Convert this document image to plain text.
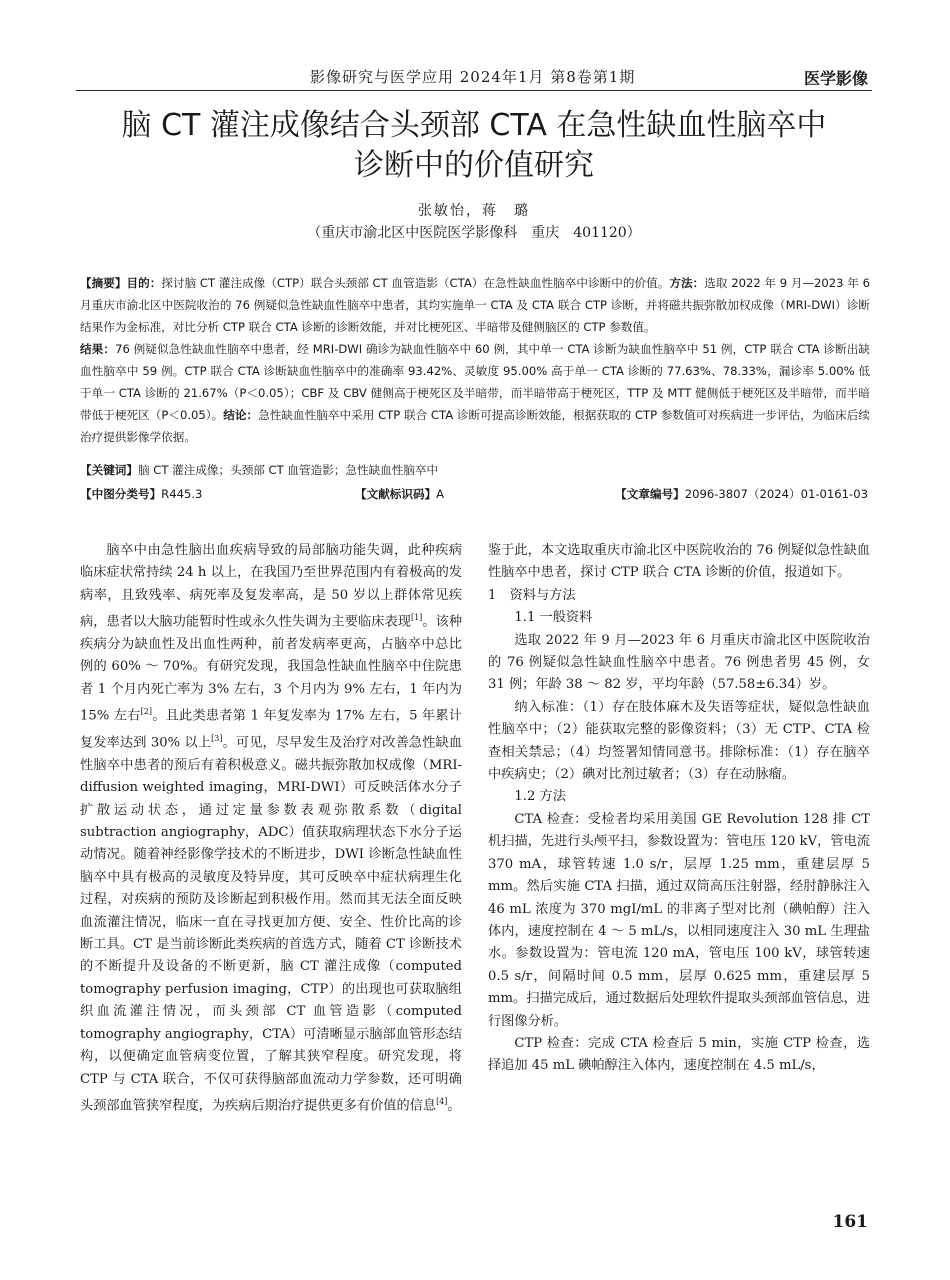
影像研究与医学应用 2024年1月 第8卷第1期	医学影像
脑 CT 灌注成像结合头颈部 CTA 在急性缺血性脑卒中
诊断中的价值研究
张敏怡，蒋　璐
（重庆市渝北区中医院医学影像科　重庆　401120）
【摘要】目的：探讨脑 CT 灌注成像（CTP）联合头颈部 CT 血管造影（CTA）在急性缺血性脑卒中诊断中的价值。方法：选取 2022 年 9 月—2023 年 6 月重庆市渝北区中医院收治的 76 例疑似急性缺血性脑卒中患者，其均实施单一 CTA 及 CTA 联合 CTP 诊断，并将磁共振弥散加权成像（MRI-DWI）诊断结果作为金标准，对比分析 CTP 联合 CTA 诊断的诊断效能，并对比梗死区、半暗带及健侧脑区的 CTP 参数值。
结果：76 例疑似急性缺血性脑卒中患者，经 MRI-DWI 确诊为缺血性脑卒中 60 例，其中单一 CTA 诊断为缺血性脑卒中 51 例，CTP 联合 CTA 诊断出缺血性脑卒中 59 例。CTP 联合 CTA 诊断缺血性脑卒中的准确率 93.42%、灵敏度 95.00% 高于单一 CTA 诊断的 77.63%、78.33%，漏诊率 5.00% 低于单一 CTA 诊断的 21.67%（P＜0.05）；CBF 及 CBV 健侧高于梗死区及半暗带，而半暗带高于梗死区，TTP 及 MTT 健侧低于梗死区及半暗带，而半暗带低于梗死区（P＜0.05）。结论：急性缺血性脑卒中采用 CTP 联合 CTA 诊断可提高诊断效能，根据获取的 CTP 参数值可对疾病进一步评估，为临床后续治疗提供影像学依据。
【关键词】脑 CT 灌注成像；头颈部 CT 血管造影；急性缺血性脑卒中
【中图分类号】R445.3	【文献标识码】A	【文章编号】2096-3807（2024）01-0161-03

脑卒中由急性脑出血疾病导致的局部脑功能失调，此种疾病临床症状常持续 24 h 以上，在我国乃至世界范围内有着极高的发病率，且致残率、病死率及复发率高，是 50 岁以上群体常见疾病，患者以大脑功能暂时性或永久性失调为主要临床表现[1]。该种疾病分为缺血性及出血性两种，前者发病率更高，占脑卒中总比例的 60% ～ 70%。有研究发现，我国急性缺血性脑卒中住院患者 1 个月内死亡率为 3% 左右，3 个月内为 9% 左右，1 年内为 15% 左右[2]。且此类患者第 1 年复发率为 17% 左右，5 年累计复发率达到 30% 以上[3]。可见，尽早发生及治疗对改善急性缺血性脑卒中患者的预后有着积极意义。磁共振弥散加权成像（MRI-diffusion weighted imaging，MRI-DWI）可反映活体水分子扩散运动状态，通过定量参数表观弥散系数（digital subtraction angiography，ADC）值获取病理状态下水分子运动情况。随着神经影像学技术的不断进步，DWI 诊断急性缺血性脑卒中具有极高的灵敏度及特异度，其可反映卒中症状病理生化过程，对疾病的预防及诊断起到积极作用。然而其无法全面反映血流灌注情况，临床一直在寻找更加方便、安全、性价比高的诊断工具。CT 是当前诊断此类疾病的首选方式，随着 CT 诊断技术的不断提升及设备的不断更新，脑 CT 灌注成像（computed tomography perfusion imaging，CTP）的出现也可获取脑组织血流灌注情况，而头颈部 CT 血管造影（computed tomography angiography，CTA）可清晰显示脑部血管形态结构，以便确定血管病变位置，了解其狭窄程度。研究发现，将 CTP 与 CTA 联合，不仅可获得脑部血流动力学参数，还可明确头颈部血管狭窄程度，为疾病后期治疗提供更多有价值的信息[4]。

鉴于此，本文选取重庆市渝北区中医院收治的 76 例疑似急性缺血性脑卒中患者，探讨 CTP 联合 CTA 诊断的价值，报道如下。

1　资料与方法

1.1 一般资料

选取 2022 年 9 月—2023 年 6 月重庆市渝北区中医院收治的 76 例疑似急性缺血性脑卒中患者。76 例患者男 45 例，女 31 例；年龄 38 ～ 82 岁，平均年龄（57.58±6.34）岁。

纳入标准：（1）存在肢体麻木及失语等症状，疑似急性缺血性脑卒中；（2）能获取完整的影像资料；（3）无 CTP、CTA 检查相关禁忌；（4）均签署知情同意书。排除标准：（1）存在脑卒中疾病史；（2）碘对比剂过敏者；（3）存在动脉瘤。

1.2 方法

CTA 检查：受检者均采用美国 GE Revolution 128 排 CT 机扫描，先进行头颅平扫，参数设置为：管电压 120 kV，管电流 370 mA，球管转速 1.0 s/r，层厚 1.25 mm，重建层厚 5 mm。然后实施 CTA 扫描，通过双筒高压注射器，经肘静脉注入 46 mL 浓度为 370 mgI/mL 的非离子型对比剂（碘帕醇）注入体内，速度控制在 4 ～ 5 mL/s，以相同速度注入 30 mL 生理盐水。参数设置为：管电流 120 mA，管电压 100 kV，球管转速 0.5 s/r，间隔时间 0.5 mm，层厚 0.625 mm，重建层厚 5 mm。扫描完成后，通过数据后处理软件提取头颈部血管信息，进行图像分析。

CTP 检查：完成 CTA 检查后 5 min，实施 CTP 检查，选择追加 45 mL 碘帕醇注入体内，速度控制在 4.5 mL/s，

161
